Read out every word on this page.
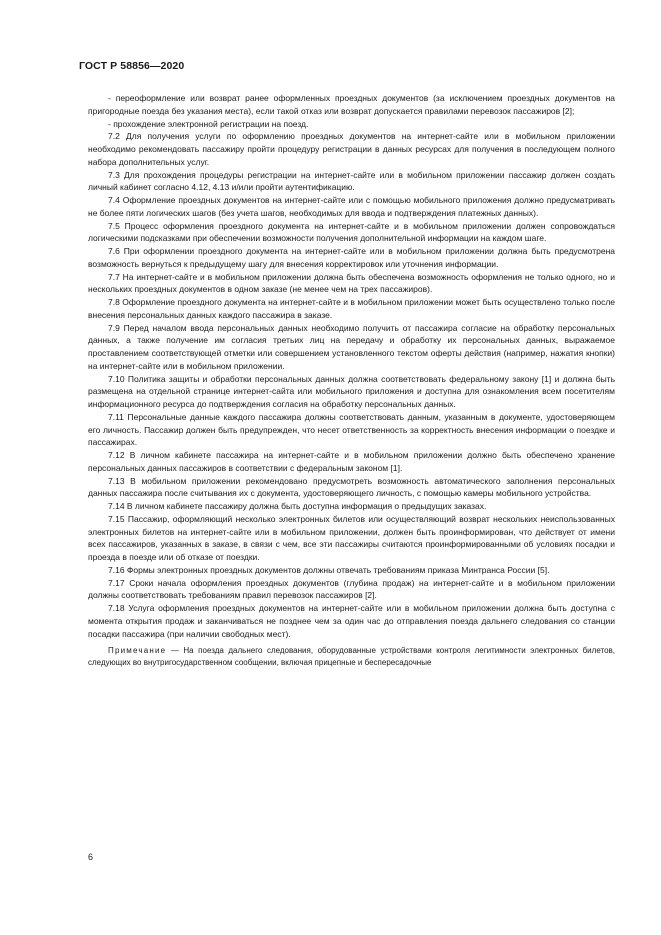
ГОСТ Р 58856—2020

- переоформление или возврат ранее оформленных проездных документов (за исключением проездных документов на пригородные поезда без указания места), если такой отказ или возврат допускается правилами перевозок пассажиров [2];

- прохождение электронной регистрации на поезд.

7.2 Для получения услуги по оформлению проездных документов на интернет-сайте или в мобильном приложении необходимо рекомендовать пассажиру пройти процедуру регистрации в данных ресурсах для получения в последующем полного набора дополнительных услуг.

7.3 Для прохождения процедуры регистрации на интернет-сайте или в мобильном приложении пассажир должен создать личный кабинет согласно 4.12, 4.13 и/или пройти аутентификацию.

7.4 Оформление проездных документов на интернет-сайте или с помощью мобильного приложения должно предусматривать не более пяти логических шагов (без учета шагов, необходимых для ввода и подтверждения платежных данных).

7.5 Процесс оформления проездного документа на интернет-сайте и в мобильном приложении должен сопровождаться логическими подсказками при обеспечении возможности получения дополнительной информации на каждом шаге.

7.6 При оформлении проездного документа на интернет-сайте или в мобильном приложении должна быть предусмотрена возможность вернуться к предыдущему шагу для внесения корректировок или уточнения информации.

7.7 На интернет-сайте и в мобильном приложении должна быть обеспечена возможность оформления не только одного, но и нескольких проездных документов в одном заказе (не менее чем на трех пассажиров).

7.8 Оформление проездного документа на интернет-сайте и в мобильном приложении может быть осуществлено только после внесения персональных данных каждого пассажира в заказе.

7.9 Перед началом ввода персональных данных необходимо получить от пассажира согласие на обработку персональных данных, а также получение им согласия третьих лиц на передачу и обработку их персональных данных, выражаемое проставлением соответствующей отметки или совершением установленного текстом оферты действия (например, нажатия кнопки) на интернет-сайте или в мобильном приложении.

7.10 Политика защиты и обработки персональных данных должна соответствовать федеральному закону [1] и должна быть размещена на отдельной странице интернет-сайта или мобильного приложения и доступна для ознакомления всем посетителям информационного ресурса до подтверждения согласия на обработку персональных данных.

7.11 Персональные данные каждого пассажира должны соответствовать данным, указанным в документе, удостоверяющем его личность. Пассажир должен быть предупрежден, что несет ответственность за корректность внесения информации о поездке и пассажирах.

7.12 В личном кабинете пассажира на интернет-сайте и в мобильном приложении должно быть обеспечено хранение персональных данных пассажиров в соответствии с федеральным законом [1].

7.13 В мобильном приложении рекомендовано предусмотреть возможность автоматического заполнения персональных данных пассажира после считывания их с документа, удостоверяющего личность, с помощью камеры мобильного устройства.

7.14 В личном кабинете пассажиру должна быть доступна информация о предыдущих заказах.

7.15 Пассажир, оформляющий несколько электронных билетов или осуществляющий возврат нескольких неиспользованных электронных билетов на интернет-сайте или в мобильном приложении, должен быть проинформирован, что действует от имени всех пассажиров, указанных в заказе, в связи с чем, все эти пассажиры считаются проинформированными об условиях посадки и проезда в поезде или об отказе от поездки.

7.16 Формы электронных проездных документов должны отвечать требованиям приказа Минтранса России [5].

7.17 Сроки начала оформления проездных документов (глубина продаж) на интернет-сайте и в мобильном приложении должны соответствовать требованиям правил перевозок пассажиров [2].

7.18 Услуга оформления проездных документов на интернет-сайте или в мобильном приложении должна быть доступна с момента открытия продаж и заканчиваться не позднее чем за один час до отправления поезда дальнего следования со станции посадки пассажира (при наличии свободных мест).

Примечание — На поезда дальнего следования, оборудованные устройствами контроля легитимности электронных билетов, следующих во внутригосударственном сообщении, включая прицепные и беспересадочные

6
